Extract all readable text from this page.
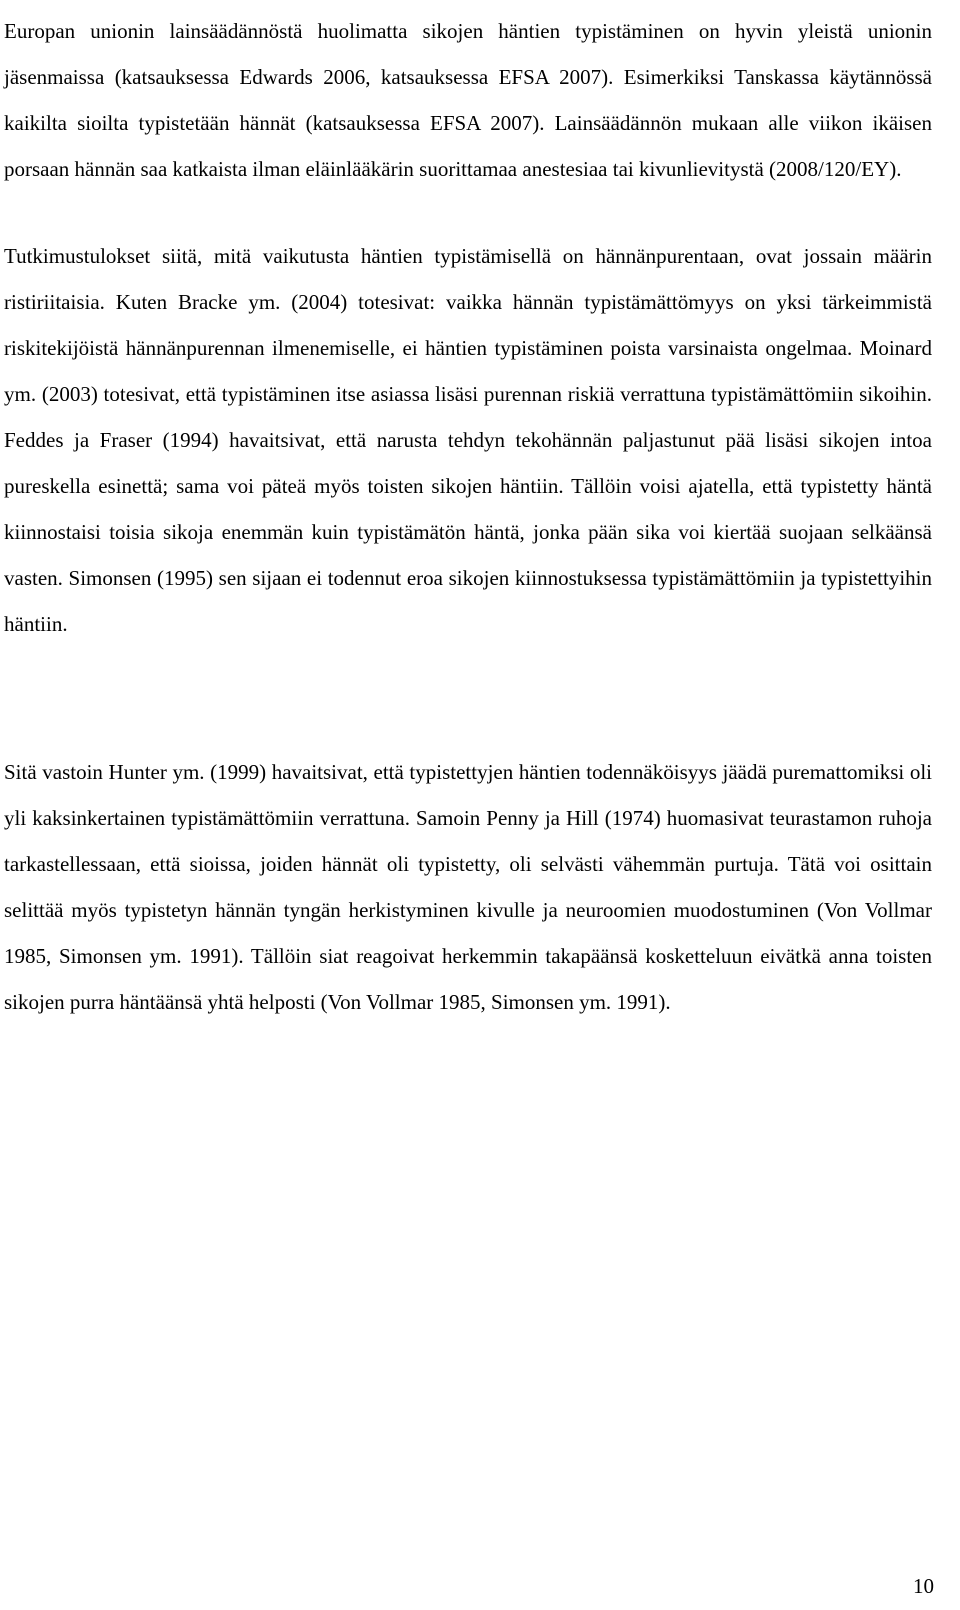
Europan unionin lainsäädännöstä huolimatta sikojen häntien typistäminen on hyvin yleistä unionin jäsenmaissa (katsauksessa Edwards 2006, katsauksessa EFSA 2007). Esimerkiksi Tanskassa käytännössä kaikilta sioilta typistetään hännät (katsauksessa EFSA 2007). Lainsäädännön mukaan alle viikon ikäisen porsaan hännän saa katkaista ilman eläinlääkärin suorittamaa anestesiaa tai kivunlievitystä (2008/120/EY).

Tutkimustulokset siitä, mitä vaikutusta häntien typistämisellä on hännänpurentaan, ovat jossain määrin ristiriitaisia. Kuten Bracke ym. (2004) totesivat: vaikka hännän typistämättömyys on yksi tärkeimmistä riskitekijöistä hännänpurennan ilmenemiselle, ei häntien typistäminen poista varsinaista ongelmaa. Moinard ym. (2003) totesivat, että typistäminen itse asiassa lisäsi purennan riskiä verrattuna typistämättömiin sikoihin. Feddes ja Fraser (1994) havaitsivat, että narusta tehdyn tekohännän paljastunut pää lisäsi sikojen intoa pureskella esinettä; sama voi päteä myös toisten sikojen häntiin. Tällöin voisi ajatella, että typistetty häntä kiinnostaisi toisia sikoja enemmän kuin typistämätön häntä, jonka pään sika voi kiertää suojaan selkäänsä vasten. Simonsen (1995) sen sijaan ei todennut eroa sikojen kiinnostuksessa typistämättömiin ja typistettyihin häntiin.

Sitä vastoin Hunter ym. (1999) havaitsivat, että typistettyjen häntien todennäköisyys jäädä puremattomiksi oli yli kaksinkertainen typistämättömiin verrattuna. Samoin Penny ja Hill (1974) huomasivat teurastamon ruhoja tarkastellessaan, että sioissa, joiden hännät oli typistetty, oli selvästi vähemmän purtuja. Tätä voi osittain selittää myös typistetyn hännän tyngän herkistyminen kivulle ja neuroomien muodostuminen (Von Vollmar 1985, Simonsen ym. 1991). Tällöin siat reagoivat herkemmin takapäänsä kosketteluun eivätkä anna toisten sikojen purra häntäänsä yhtä helposti (Von Vollmar 1985, Simonsen ym. 1991).

10
